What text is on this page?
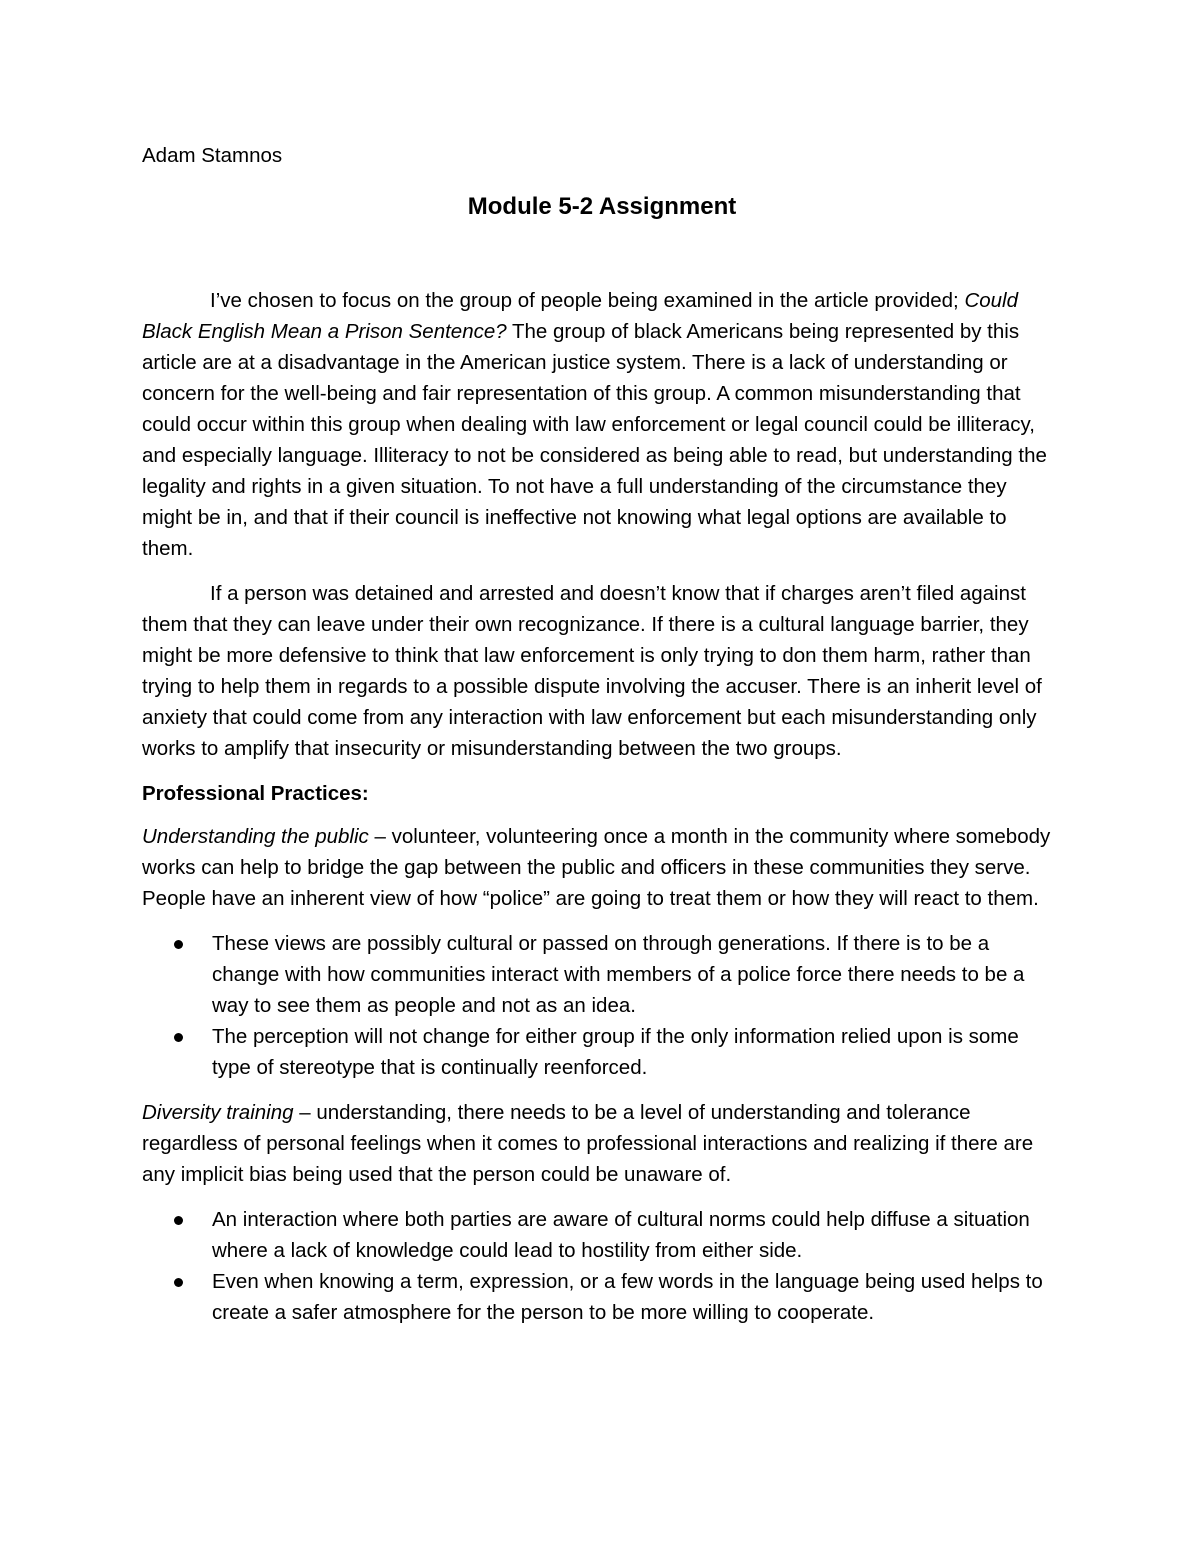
Adam Stamnos
Module 5-2 Assignment

I’ve chosen to focus on the group of people being examined in the article provided; Could Black English Mean a Prison Sentence? The group of black Americans being represented by this article are at a disadvantage in the American justice system. There is a lack of understanding or concern for the well-being and fair representation of this group. A common misunderstanding that could occur within this group when dealing with law enforcement or legal council could be illiteracy, and especially language. Illiteracy to not be considered as being able to read, but understanding the legality and rights in a given situation. To not have a full understanding of the circumstance they might be in, and that if their council is ineffective not knowing what legal options are available to them.

If a person was detained and arrested and doesn’t know that if charges aren’t filed against them that they can leave under their own recognizance. If there is a cultural language barrier, they might be more defensive to think that law enforcement is only trying to don them harm, rather than trying to help them in regards to a possible dispute involving the accuser. There is an inherit level of anxiety that could come from any interaction with law enforcement but each misunderstanding only works to amplify that insecurity or misunderstanding between the two groups.

Professional Practices:

Understanding the public – volunteer, volunteering once a month in the community where somebody works can help to bridge the gap between the public and officers in these communities they serve. People have an inherent view of how “police” are going to treat them or how they will react to them.

These views are possibly cultural or passed on through generations. If there is to be a change with how communities interact with members of a police force there needs to be a way to see them as people and not as an idea.
The perception will not change for either group if the only information relied upon is some type of stereotype that is continually reenforced.

Diversity training – understanding, there needs to be a level of understanding and tolerance regardless of personal feelings when it comes to professional interactions and realizing if there are any implicit bias being used that the person could be unaware of.

An interaction where both parties are aware of cultural norms could help diffuse a situation where a lack of knowledge could lead to hostility from either side.
Even when knowing a term, expression, or a few words in the language being used helps to create a safer atmosphere for the person to be more willing to cooperate.
